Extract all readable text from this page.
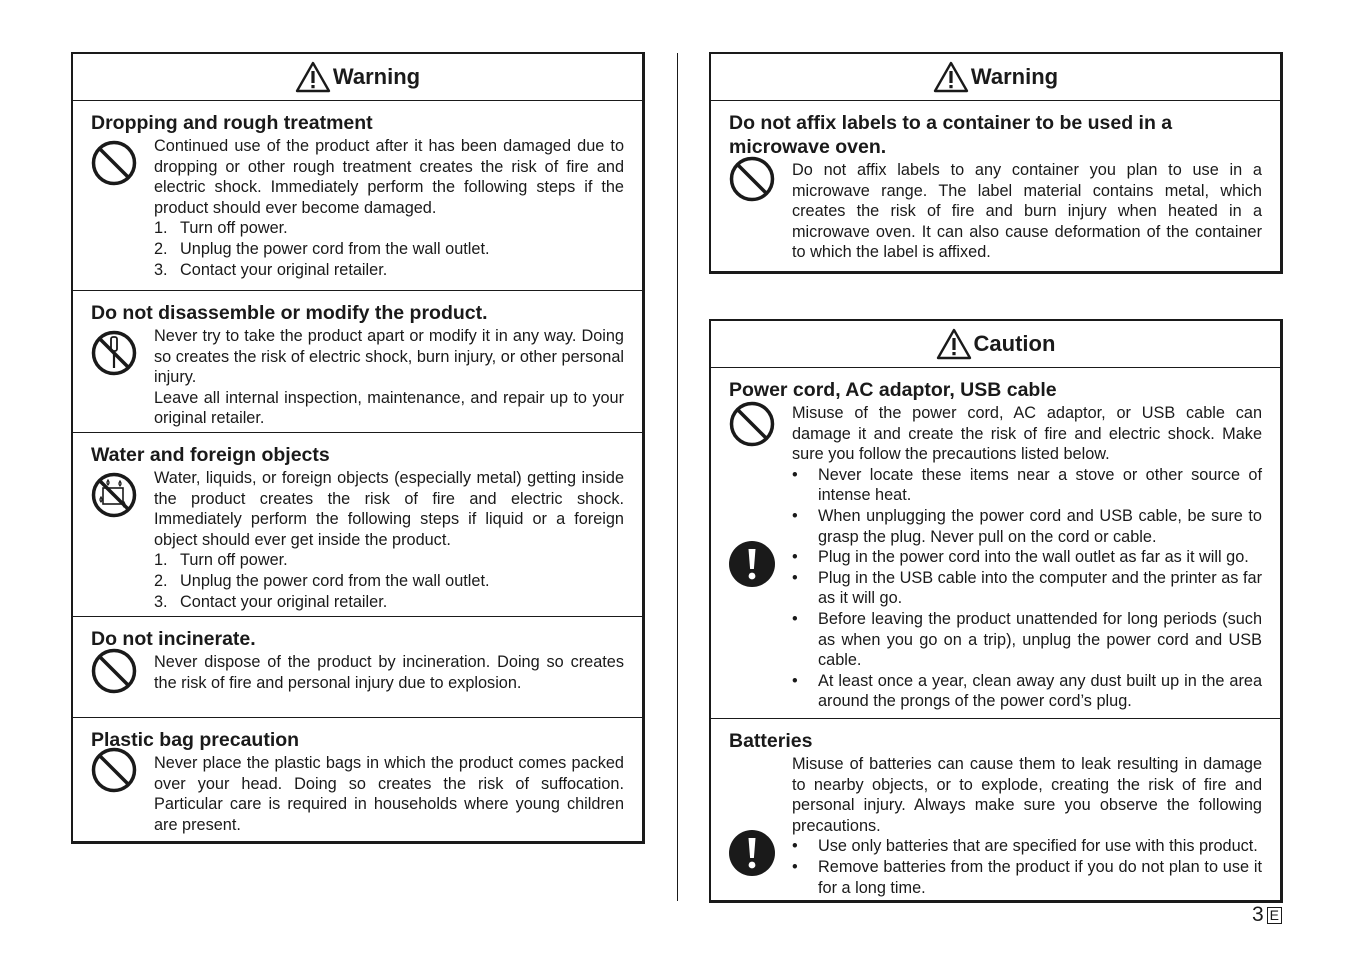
Warning
Dropping and rough treatment

Continued use of the product after it has been damaged due to dropping or other rough treatment creates the risk of fire and electric shock. Immediately perform the following steps if the product should ever become damaged.

1. Turn off power.
2. Unplug the power cord from the wall outlet.
3. Contact your original retailer.
Do not disassemble or modify the product.

Never try to take the product apart or modify it in any way. Doing so creates the risk of electric shock, burn injury, or other personal injury.

Leave all internal inspection, maintenance, and repair up to your original retailer.

Water and foreign objects

Water, liquids, or foreign objects (especially metal) getting inside the product creates the risk of fire and electric shock. Immediately perform the following steps if liquid or a foreign object should ever get inside the product.

1. Turn off power.
2. Unplug the power cord from the wall outlet.
3. Contact your original retailer.
Do not incinerate.

Never dispose of the product by incineration. Doing so creates the risk of fire and personal injury due to explosion.

Plastic bag precaution

Never place the plastic bags in which the product comes packed over your head. Doing so creates the risk of suffocation. Particular care is required in households where young children are present.

Warning
Do not affix labels to a container to be used in a microwave oven.

Do not affix labels to any container you plan to use in a microwave range. The label material contains metal, which creates the risk of fire and burn injury when heated in a microwave oven. It can also cause deformation of the container to which the label is affixed.

Caution
Power cord, AC adaptor, USB cable

Misuse of the power cord, AC adaptor, or USB cable can damage it and create the risk of fire and electric shock. Make sure you follow the precautions listed below.

•	Never locate these items near a stove or other source of intense heat.
•	When unplugging the power cord and USB cable, be sure to grasp the plug. Never pull on the cord or cable.
•	Plug in the power cord into the wall outlet as far as it will go.
•	Plug in the USB cable into the computer and the printer as far as it will go.
•	Before leaving the product unattended for long periods (such as when you go on a trip), unplug the power cord and USB cable.
•	At least once a year, clean away any dust built up in the area around the prongs of the power cord’s plug.
Batteries

Misuse of batteries can cause them to leak resulting in damage to nearby objects, or to explode, creating the risk of fire and personal injury. Always make sure you observe the following precautions.

•	Use only batteries that are specified for use with this product.
•	Remove batteries from the product if you do not plan to use it for a long time.
3 E
